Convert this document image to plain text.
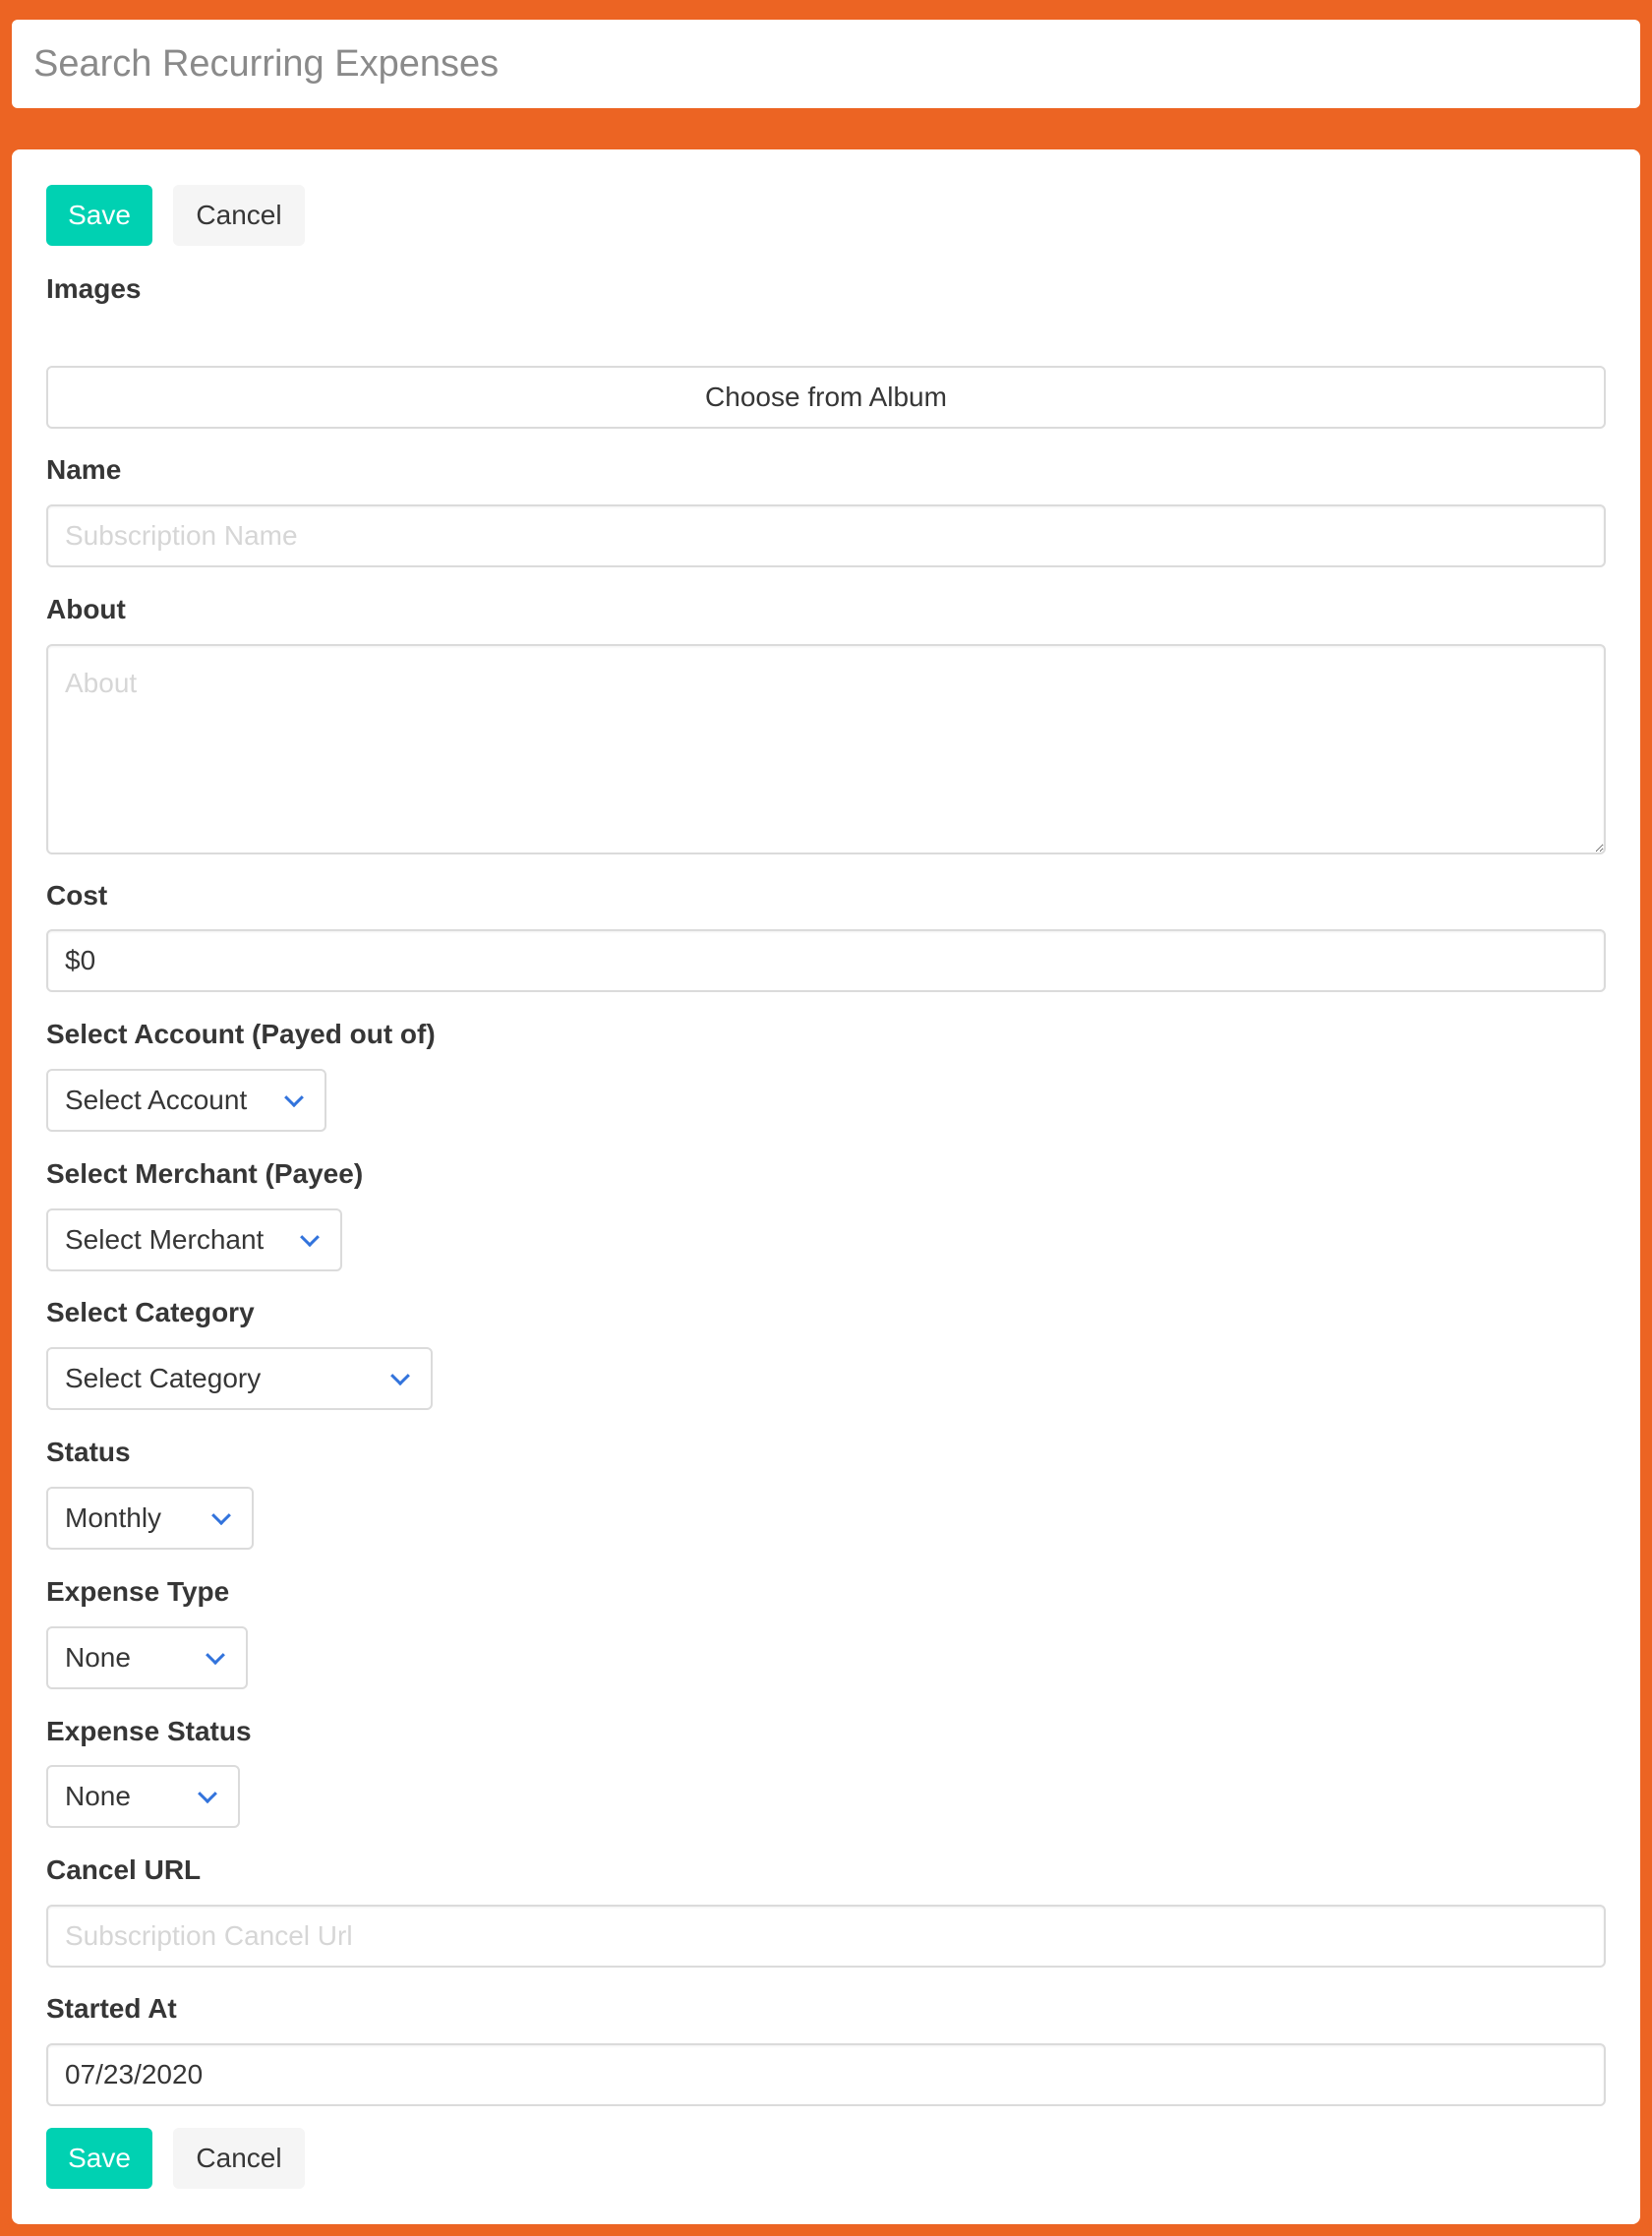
Search Recurring Expenses
Save	Cancel
Images
Choose from Album
Name
Subscription Name
About
About
Cost
$0
Select Account (Payed out of)
Select Account
Select Merchant (Payee)
Select Merchant
Select Category
Select Category
Status
Monthly
Expense Type
None
Expense Status
None
Cancel URL
Subscription Cancel Url
Started At
07/23/2020
Save	Cancel
